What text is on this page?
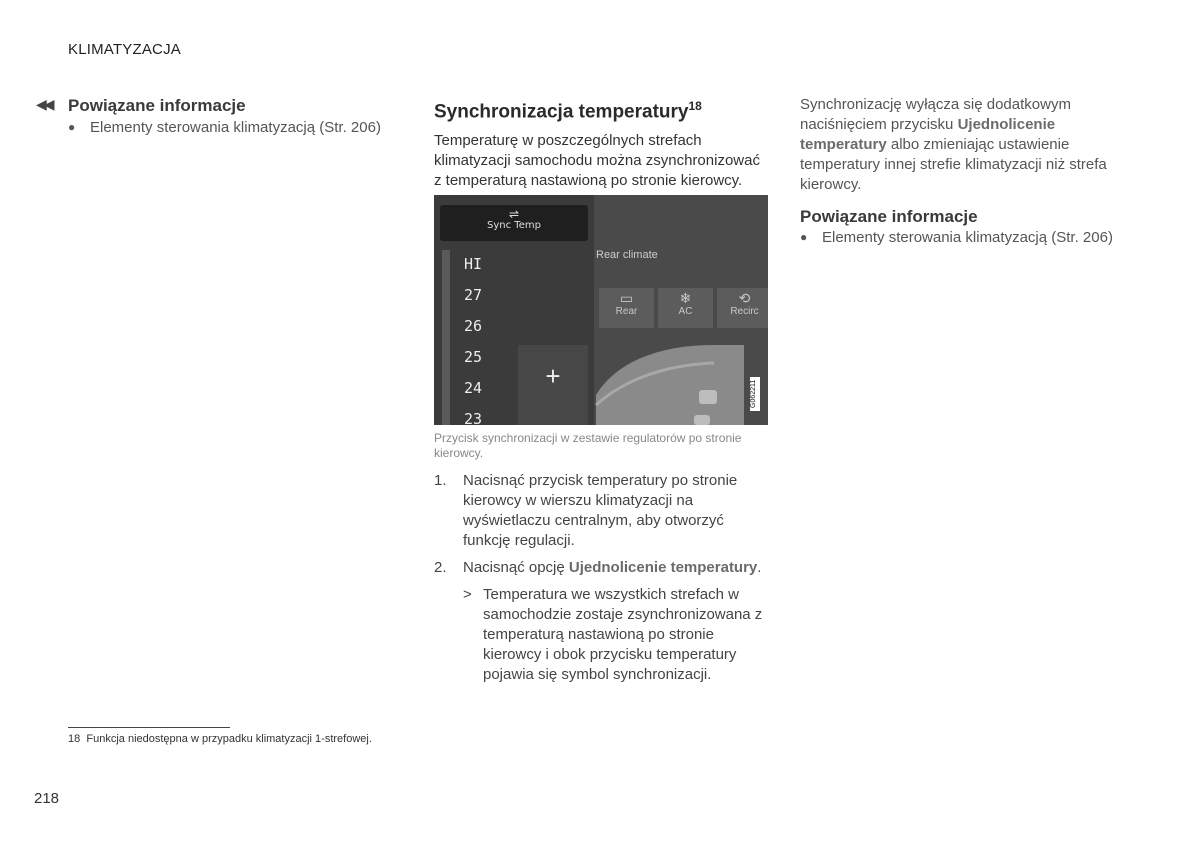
KLIMATYZACJA
◀◀ Powiązane informacje
● Elementy sterowania klimatyzacją (Str. 206)
Synchronizacja temperatury$^{18}$
Temperaturę w poszczególnych strefach klimatyzacji samochodu można zsynchronizować z temperaturą nastawioną po stronie kierowcy.
⇌
Sync Temp
HI
27
26
25
24
23
+
Rear climate
▭
Rear
❄
AC
⟲
Recirc
G062211
Przycisk synchronizacji w zestawie regulatorów po stronie kierowcy.
1. Nacisnąć przycisk temperatury po stronie kierowcy w wierszu klimatyzacji na wyświetlaczu centralnym, aby otworzyć funkcję regulacji.
2. Nacisnąć opcję Ujednolicenie temperatury.
> Temperatura we wszystkich strefach w samochodzie zostaje zsynchronizowana z temperaturą nastawioną po stronie kierowcy i obok przycisku temperatury pojawia się symbol synchronizacji.
Synchronizację wyłącza się dodatkowym naciśnięciem przycisku Ujednolicenie temperatury albo zmieniając ustawienie temperatury innej strefie klimatyzacji niż strefa kierowcy.
Powiązane informacje
● Elementy sterowania klimatyzacją (Str. 206)
18 Funkcja niedostępna w przypadku klimatyzacji 1-strefowej.
218
